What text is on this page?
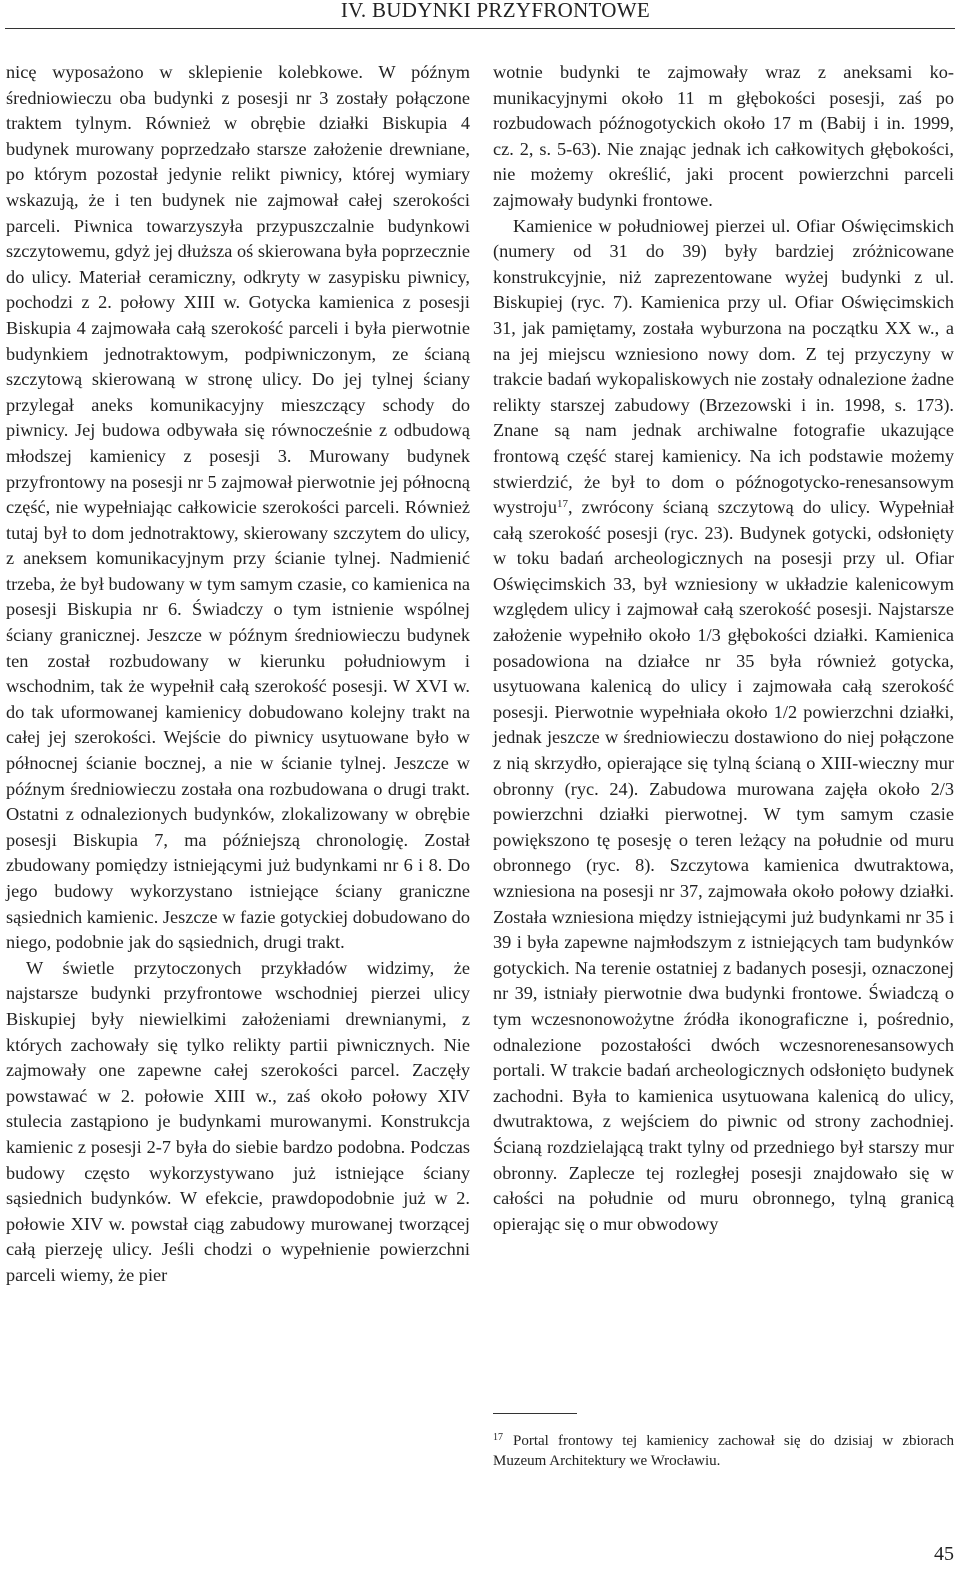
IV. BUDYNKI PRZYFRONTOWE

nicę wyposażono w sklepienie kolebkowe. W późnym średniowieczu oba budynki z posesji nr 3 zostały połączone traktem tylnym. Również w obrębie działki Biskupia 4 budynek murowany poprzedzało starsze założenie drewniane, po którym pozostał jedynie relikt piwnicy, której wymiary wskazują, że i ten budynek nie zajmował całej szerokości parceli. Piwnica towarzyszyła przypuszczalnie budynkowi szczytowemu, gdyż jej dłuższa oś skierowana była poprzecznie do ulicy. Materiał ceramiczny, odkryty w zasypisku piwnicy, pochodzi z 2. połowy XIII w. Gotycka kamienica z posesji Biskupia 4 zajmowała całą szerokość parceli i była pierwotnie budynkiem jednotraktowym, podpiwniczonym, ze ścianą szczytową skierowaną w stronę ulicy. Do jej tylnej ściany przylegał aneks komunikacyjny mieszczący schody do piwnicy. Jej budowa odbywała się równocześnie z odbudową młodszej kamienicy z posesji 3. Murowany budynek przyfrontowy na posesji nr 5 zajmował pierwotnie jej północną część, nie wypełniając całkowicie szerokości parceli. Również tutaj był to dom jednotraktowy, skierowany szczytem do ulicy, z aneksem komunikacyjnym przy ścianie tylnej. Nadmienić trzeba, że był budowany w tym samym czasie, co kamienica na posesji Biskupia nr 6. Świadczy o tym istnienie wspólnej ściany granicznej. Jeszcze w późnym średniowieczu budynek ten został rozbudowany w kierunku południowym i wschodnim, tak że wypełnił całą szerokość posesji. W XVI w. do tak uformowanej kamienicy dobudowano kolejny trakt na całej jej szerokości. Wejście do piwnicy usytuowane było w północnej ścianie bocznej, a nie w ścianie tylnej. Jeszcze w późnym średniowieczu została ona rozbudowana o drugi trakt. Ostatni z odnalezionych budynków, zlokalizowany w obrębie posesji Biskupia 7, ma późniejszą chronologię. Został zbudowany pomiędzy istniejącymi już budynkami nr 6 i 8. Do jego budowy wykorzystano istniejące ściany graniczne sąsiednich kamienic. Jeszcze w fazie gotyckiej dobudowano do niego, podobnie jak do sąsiednich, drugi trakt.

W świetle przytoczonych przykładów widzimy, że najstarsze budynki przyfrontowe wschodniej pierzei ulicy Biskupiej były niewielkimi założeniami drewnianymi, z których zachowały się tylko relikty partii piwnicznych. Nie zajmowały one zapewne całej szerokości parcel. Zaczęły powstawać w 2. połowie XIII w., zaś około połowy XIV stulecia zastąpiono je budynkami murowanymi. Konstrukcja kamienic z posesji 2-7 była do siebie bardzo podobna. Podczas budowy często wykorzystywano już istniejące ściany sąsiednich budynków. W efekcie, prawdopodobnie już w 2. połowie XIV w. powstał ciąg zabudowy murowanej tworzącej całą pierzeję ulicy. Jeśli chodzi o wypełnienie powierzchni parceli wiemy, że pier

wotnie budynki te zajmowały wraz z aneksami komunikacyjnymi około 11 m głębokości posesji, zaś po rozbudowach późnogotyckich około 17 m (Babij i in. 1999, cz. 2, s. 5-63). Nie znając jednak ich całkowitych głębokości, nie możemy określić, jaki procent powierzchni parceli zajmowały budynki frontowe.

Kamienice w południowej pierzei ul. Ofiar Oświęcimskich (numery od 31 do 39) były bardziej zróżnicowane konstrukcyjnie, niż zaprezentowane wyżej budynki z ul. Biskupiej (ryc. 7). Kamienica przy ul. Ofiar Oświęcimskich 31, jak pamiętamy, została wyburzona na początku XX w., a na jej miejscu wzniesiono nowy dom. Z tej przyczyny w trakcie badań wykopaliskowych nie zostały odnalezione żadne relikty starszej zabudowy (Brzezowski i in. 1998, s. 173). Znane są nam jednak archiwalne fotografie ukazujące frontową część starej kamienicy. Na ich podstawie możemy stwierdzić, że był to dom o późnogotycko-renesansowym wystroju$^{17}$, zwrócony ścianą szczytową do ulicy. Wypełniał całą szerokość posesji (ryc. 23). Budynek gotycki, odsłonięty w toku badań archeologicznych na posesji przy ul. Ofiar Oświęcimskich 33, był wzniesiony w układzie kalenicowym względem ulicy i zajmował całą szerokość posesji. Najstarsze założenie wypełniło około 1/3 głębokości działki. Kamienica posadowiona na działce nr 35 była również gotycka, usytuowana kalenicą do ulicy i zajmowała całą szerokość posesji. Pierwotnie wypełniała około 1/2 powierzchni działki, jednak jeszcze w średniowieczu dostawiono do niej połączone z nią skrzydło, opierające się tylną ścianą o XIII-wieczny mur obronny (ryc. 24). Zabudowa murowana zajęła około 2/3 powierzchni działki pierwotnej. W tym samym czasie powiększono tę posesję o teren leżący na południe od muru obronnego (ryc. 8). Szczytowa kamienica dwutraktowa, wzniesiona na posesji nr 37, zajmowała około połowy działki. Została wzniesiona między istniejącymi już budynkami nr 35 i 39 i była zapewne najmłodszym z istniejących tam budynków gotyckich. Na terenie ostatniej z badanych posesji, oznaczonej nr 39, istniały pierwotnie dwa budynki frontowe. Świadczą o tym wczesnonowożytne źródła ikonograficzne i, pośrednio, odnalezione pozostałości dwóch wczesnorenesansowych portali. W trakcie badań archeologicznych odsłonięto budynek zachodni. Była to kamienica usytuowana kalenicą do ulicy, dwutraktowa, z wejściem do piwnic od strony zachodniej. Ścianą rozdzielającą trakt tylny od przedniego był starszy mur obronny. Zaplecze tej rozległej posesji znajdowało się w całości na południe od muru obronnego, tylną granicą opierając się o mur obwodowy

$^{17}$ Portal frontowy tej kamienicy zachował się do dzisiaj w zbiorach Muzeum Architektury we Wrocławiu.
45
